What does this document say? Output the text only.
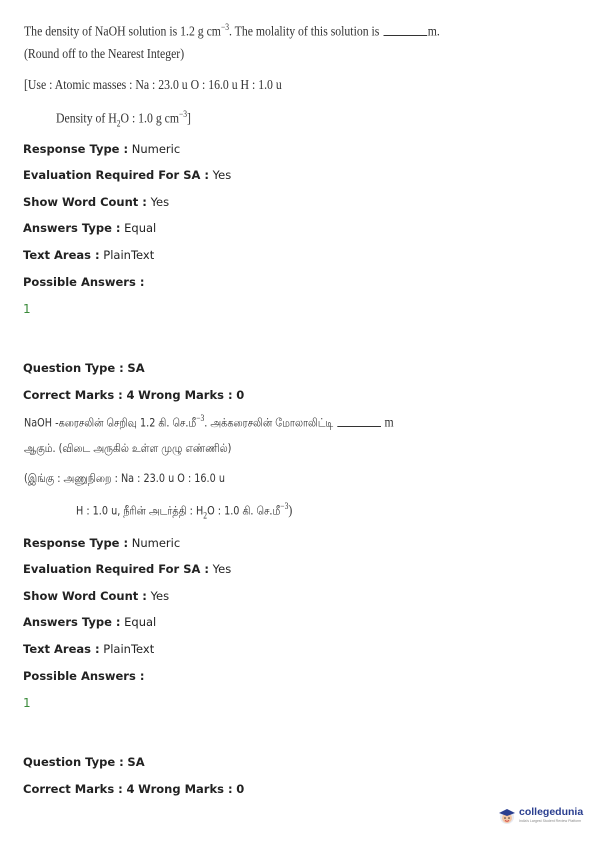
The density of NaOH solution is 1.2 g $cm^{-3}$. The molality of this solution is	m.
(Round off to the Nearest Integer)
[Use : Atomic masses : Na : 23.0 u O : 16.0 u H : 1.0 u
Density of $H_2O$ : 1.0 g $cm^{-3}$]
Response Type : Numeric
Evaluation Required For SA : Yes
Show Word Count : Yes
Answers Type : Equal
Text Areas : PlainText
Possible Answers :
1
Question Type : SA
Correct Marks : 4 Wrong Marks : 0
NaOH -கரைசலின் செறிவு 1.2 கி. செ.மீ$^{-3}$. அக்கரைசலின் மோலாலிட்டி	m
ஆகும். (விடை அருகில் உள்ள முழு எண்ணில்)
(இங்கு : அணுநிறை : Na : 23.0 u O : 16.0 u
H : 1.0 u, நீரின் அடர்த்தி : $H_2O$ : 1.0 கி. செ.மீ$^{-3}$)
Response Type : Numeric
Evaluation Required For SA : Yes
Show Word Count : Yes
Answers Type : Equal
Text Areas : PlainText
Possible Answers :
1
Question Type : SA
Correct Marks : 4 Wrong Marks : 0
collegedunia
India's Largest Student Review Platform
